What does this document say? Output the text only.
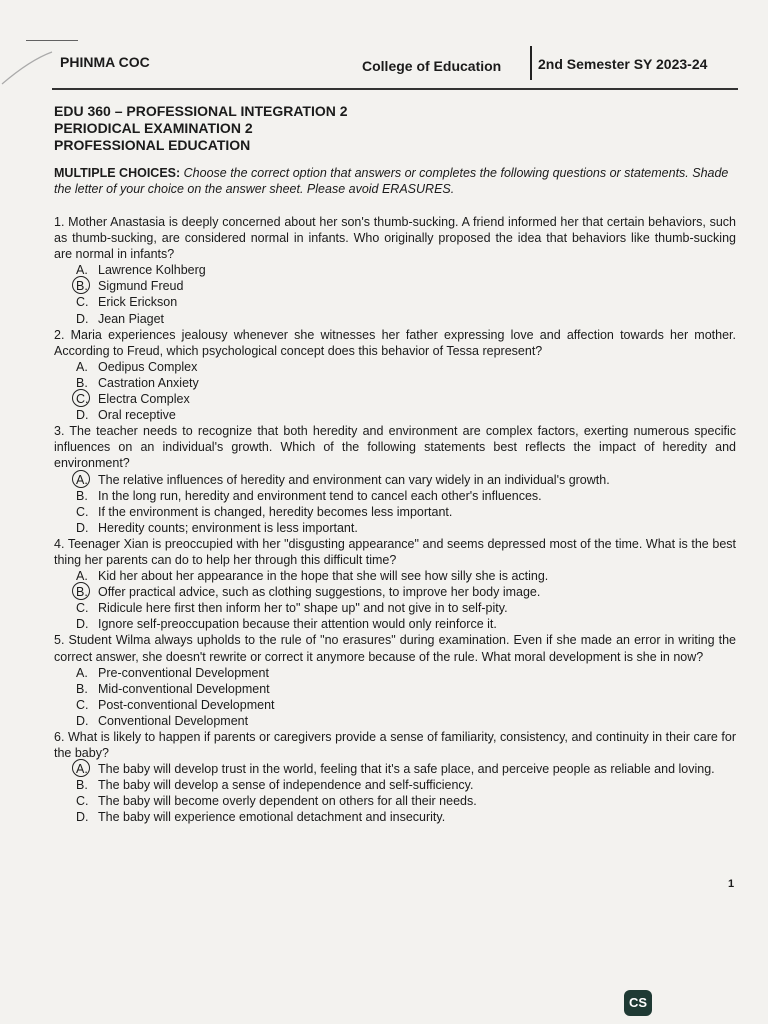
PHINMA COC	College of Education	2nd Semester SY 2023-24
EDU 360 – PROFESSIONAL INTEGRATION 2
PERIODICAL EXAMINATION 2
PROFESSIONAL EDUCATION
MULTIPLE CHOICES: Choose the correct option that answers or completes the following questions or statements. Shade the letter of your choice on the answer sheet. Please avoid ERASURES.

1. Mother Anastasia is deeply concerned about her son's thumb-sucking. A friend informed her that certain behaviors, such as thumb-sucking, are considered normal in infants. Who originally proposed the idea that behaviors like thumb-sucking are normal in infants?

A. Lawrence Kolhberg
B. Sigmund Freud
C. Erick Erickson
D. Jean Piaget

2. Maria experiences jealousy whenever she witnesses her father expressing love and affection towards her mother. According to Freud, which psychological concept does this behavior of Tessa represent?

A. Oedipus Complex
B. Castration Anxiety
C. Electra Complex
D. Oral receptive

3. The teacher needs to recognize that both heredity and environment are complex factors, exerting numerous specific influences on an individual's growth. Which of the following statements best reflects the impact of heredity and environment?

A. The relative influences of heredity and environment can vary widely in an individual's growth.
B. In the long run, heredity and environment tend to cancel each other's influences.
C. If the environment is changed, heredity becomes less important.
D. Heredity counts; environment is less important.

4. Teenager Xian is preoccupied with her "disgusting appearance" and seems depressed most of the time. What is the best thing her parents can do to help her through this difficult time?

A. Kid her about her appearance in the hope that she will see how silly she is acting.
B. Offer practical advice, such as clothing suggestions, to improve her body image.
C. Ridicule here first then inform her to" shape up" and not give in to self-pity.
D. Ignore self-preoccupation because their attention would only reinforce it.

5. Student Wilma always upholds to the rule of "no erasures" during examination. Even if she made an error in writing the correct answer, she doesn't rewrite or correct it anymore because of the rule. What moral development is she in now?

A. Pre-conventional Development
B. Mid-conventional Development
C. Post-conventional Development
D. Conventional Development

6. What is likely to happen if parents or caregivers provide a sense of familiarity, consistency, and continuity in their care for the baby?

A. The baby will develop trust in the world, feeling that it's a safe place, and perceive people as reliable and loving.
B. The baby will develop a sense of independence and self-sufficiency.
C. The baby will become overly dependent on others for all their needs.
D. The baby will experience emotional detachment and insecurity.
1
CS
